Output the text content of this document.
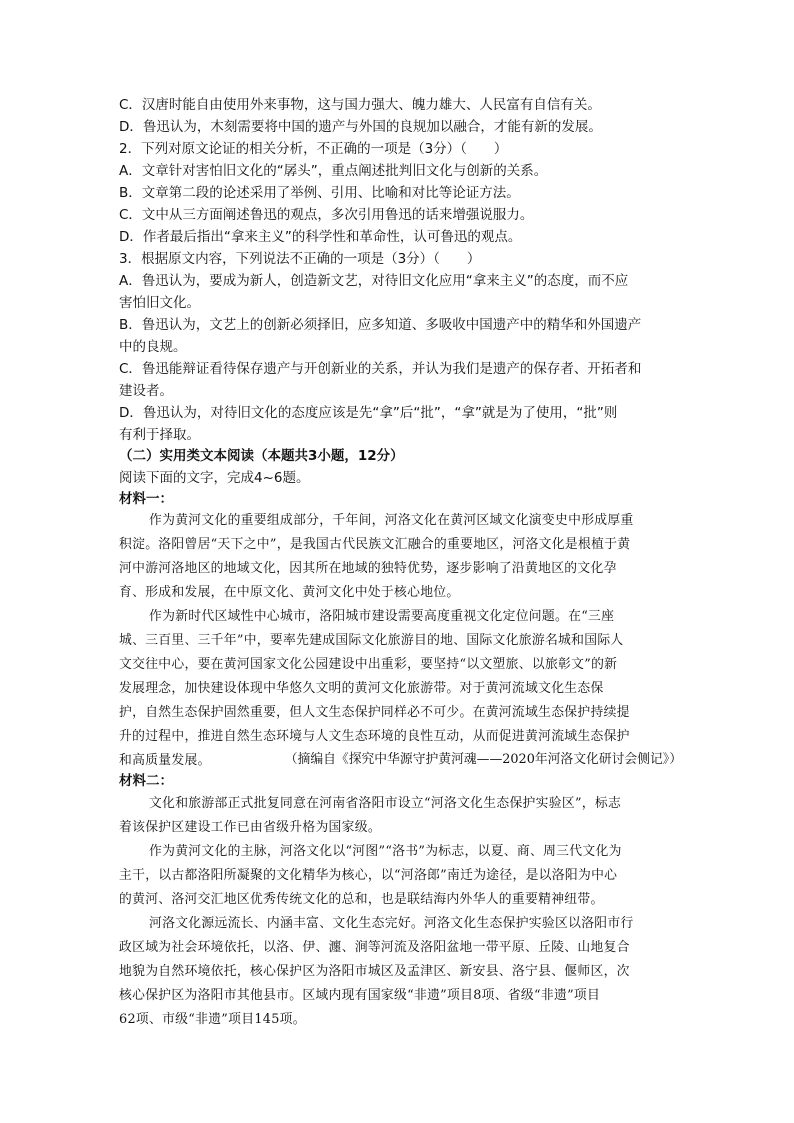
C．汉唐时能自由使用外来事物，这与国力强大、魄力雄大、人民富有自信有关。

D．鲁迅认为，木刻需要将中国的遗产与外国的良规加以融合，才能有新的发展。

2．下列对原文论证的相关分析，不正确的一项是（3分）（　　）

A．文章针对害怕旧文化的“孱头”，重点阐述批判旧文化与创新的关系。

B．文章第二段的论述采用了举例、引用、比喻和对比等论证方法。

C．文中从三方面阐述鲁迅的观点，多次引用鲁迅的话来增强说服力。

D．作者最后指出“拿来主义”的科学性和革命性，认可鲁迅的观点。

3．根据原文内容，下列说法不正确的一项是（3分）（　　）

A．鲁迅认为，要成为新人，创造新文艺，对待旧文化应用“拿来主义”的态度，而不应

害怕旧文化。

B．鲁迅认为，文艺上的创新必须择旧，应多知道、多吸收中国遗产中的精华和外国遗产

中的良规。

C．鲁迅能辩证看待保存遗产与开创新业的关系，并认为我们是遗产的保存者、开拓者和

建设者。

D．鲁迅认为，对待旧文化的态度应该是先“拿”后“批”，“拿”就是为了使用，“批”则

有利于择取。

（二）实用类文本阅读（本题共3小题，12分）

阅读下面的文字，完成4~6题。

材料一：

作为黄河文化的重要组成部分，千年间，河洛文化在黄河区域文化演变史中形成厚重
积淀。洛阳曾居“天下之中”，是我国古代民族文汇融合的重要地区，河洛文化是根植于黄
河中游河洛地区的地域文化，因其所在地域的独特优势，逐步影响了沿黄地区的文化孕
育、形成和发展，在中原文化、黄河文化中处于核心地位。
作为新时代区域性中心城市，洛阳城市建设需要高度重视文化定位问题。在“三座
城、三百里、三千年”中，要率先建成国际文化旅游目的地、国际文化旅游名城和国际人
文交往中心，要在黄河国家文化公园建设中出重彩，要坚持“以文塑旅、以旅彰文”的新
发展理念，加快建设体现中华悠久文明的黄河文化旅游带。对于黄河流域文化生态保
护，自然生态保护固然重要，但人文生态保护同样必不可少。在黄河流域生态保护持续提
升的过程中，推进自然生态环境与人文生态环境的良性互动，从而促进黄河流域生态保护
和高质量发展。	（摘编自《探究中华源守护黄河魂——2020年河洛文化研讨会侧记》）

材料二：

文化和旅游部正式批复同意在河南省洛阳市设立“河洛文化生态保护实验区”，标志
着该保护区建设工作已由省级升格为国家级。
作为黄河文化的主脉，河洛文化以“河图”“洛书”为标志，以夏、商、周三代文化为
主干，以古都洛阳所凝聚的文化精华为核心，以“河洛郎”南迁为途径，是以洛阳为中心
的黄河、洛河交汇地区优秀传统文化的总和，也是联结海内外华人的重要精神纽带。
河洛文化源远流长、内涵丰富、文化生态完好。河洛文化生态保护实验区以洛阳市行
政区域为社会环境依托，以洛、伊、瀍、涧等河流及洛阳盆地一带平原、丘陵、山地复合
地貌为自然环境依托，核心保护区为洛阳市城区及孟津区、新安县、洛宁县、偃师区，次
核心保护区为洛阳市其他县市。区域内现有国家级“非遗”项目8项、省级“非遗”项目
62项、市级“非遗”项目145项。
